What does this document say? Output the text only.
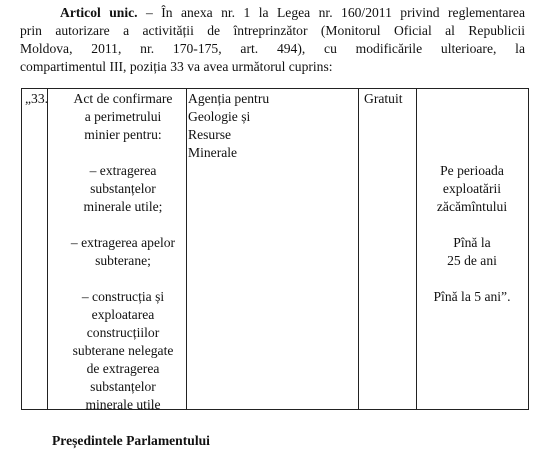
Articol unic. – În anexa nr. 1 la Legea nr. 160/2011 privind reglementarea
prin autorizare a activității de întreprinzător (Monitorul Oficial al Republicii
Moldova, 2011, nr. 170-175, art. 494), cu modificările ulterioare, la
compartimentul III, poziția 33 va avea următorul cuprins:
„33.	Act de confirmare
a perimetrului
minier pentru:
– extragerea
substanțelor
minerale utile;
– extragerea apelor
subterane;
– construcția și
exploatarea
construcțiilor
subterane nelegate
de extragerea
substanțelor
minerale utile
Agenția pentru
Geologie și
Resurse
Minerale
Gratuit
Pe perioada
exploatării
zăcămîntului
Pînă la
25 de ani
Pînă la 5 ani”.
Președintele Parlamentului
